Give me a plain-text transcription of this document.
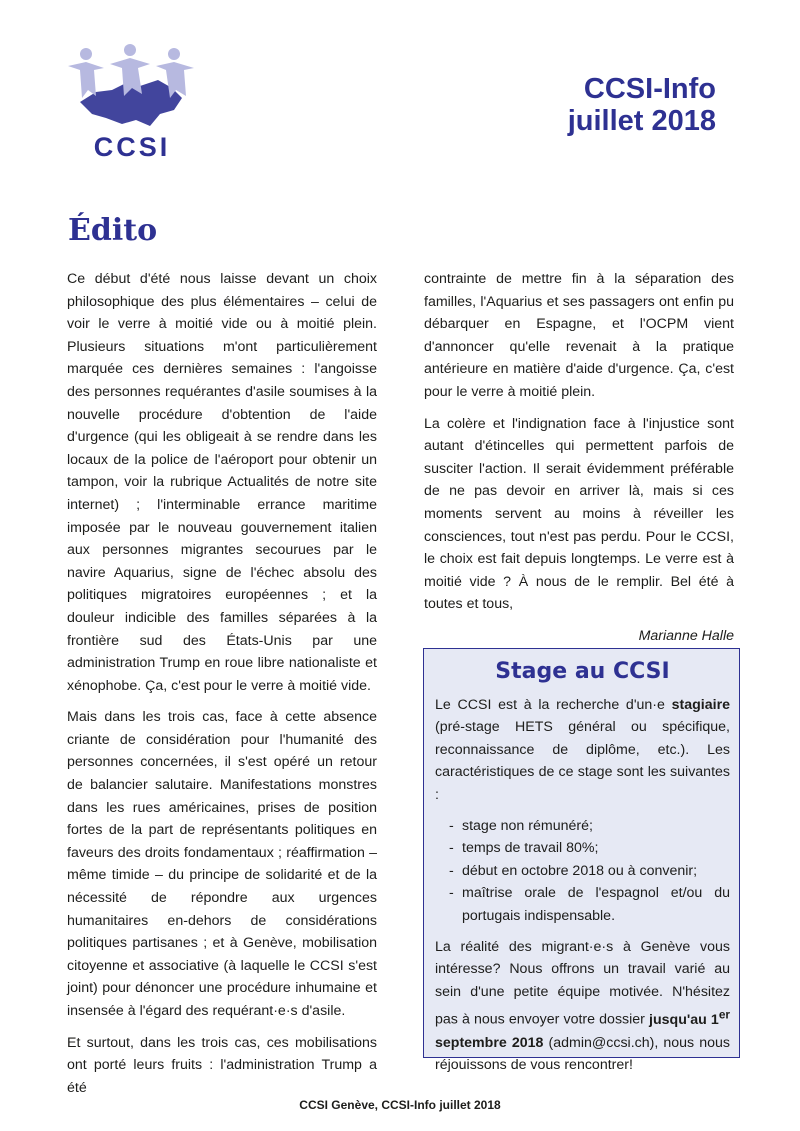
CCSI
CCSI-Info
juillet 2018
Édito

Ce début d'été nous laisse devant un choix philosophique des plus élémentaires – celui de voir le verre à moitié vide ou à moitié plein. Plusieurs situations m'ont particulièrement marquée ces dernières semaines : l'angoisse des personnes requérantes d'asile soumises à la nouvelle procédure d'obtention de l'aide d'urgence (qui les obligeait à se rendre dans les locaux de la police de l'aéroport pour obtenir un tampon, voir la rubrique Actualités de notre site internet) ; l'interminable errance maritime imposée par le nouveau gouvernement italien aux personnes migrantes secourues par le navire Aquarius, signe de l'échec absolu des politiques migratoires européennes ; et la douleur indicible des familles séparées à la frontière sud des États-Unis par une administration Trump en roue libre nationaliste et xénophobe. Ça, c'est pour le verre à moitié vide.

Mais dans les trois cas, face à cette absence criante de considération pour l'humanité des personnes concernées, il s'est opéré un retour de balancier salutaire. Manifestations monstres dans les rues américaines, prises de position fortes de la part de représentants politiques en faveurs des droits fondamentaux ; réaffirmation – même timide – du principe de solidarité et de la nécessité de répondre aux urgences humanitaires en-dehors de considérations politiques partisanes ; et à Genève, mobilisation citoyenne et associative (à laquelle le CCSI s'est joint) pour dénoncer une procédure inhumaine et insensée à l'égard des requérant·e·s d'asile.

Et surtout, dans les trois cas, ces mobilisations ont porté leurs fruits : l'administration Trump a été

contrainte de mettre fin à la séparation des familles, l'Aquarius et ses passagers ont enfin pu débarquer en Espagne, et l'OCPM vient d'annoncer qu'elle revenait à la pratique antérieure en matière d'aide d'urgence. Ça, c'est pour le verre à moitié plein.

La colère et l'indignation face à l'injustice sont autant d'étincelles qui permettent parfois de susciter l'action. Il serait évidemment préférable de ne pas devoir en arriver là, mais si ces moments servent au moins à réveiller les consciences, tout n'est pas perdu. Pour le CCSI, le choix est fait depuis longtemps. Le verre est à moitié vide ? À nous de le remplir. Bel été à toutes et tous,

Marianne Halle
Stage au CCSI

Le CCSI est à la recherche d'un·e stagiaire (pré-stage HETS général ou spécifique, reconnaissance de diplôme, etc.). Les caractéristiques de ce stage sont les suivantes :

- stage non rémunéré;
- temps de travail 80%;
- début en octobre 2018 ou à convenir;
- maîtrise orale de l'espagnol et/ou du portugais indispensable.

La réalité des migrant·e·s à Genève vous intéresse? Nous offrons un travail varié au sein d'une petite équipe motivée. N'hésitez pas à nous envoyer votre dossier jusqu'au 1er septembre 2018 (admin@ccsi.ch), nous nous réjouissons de vous rencontrer!

CCSI Genève, CCSI-Info juillet 2018
